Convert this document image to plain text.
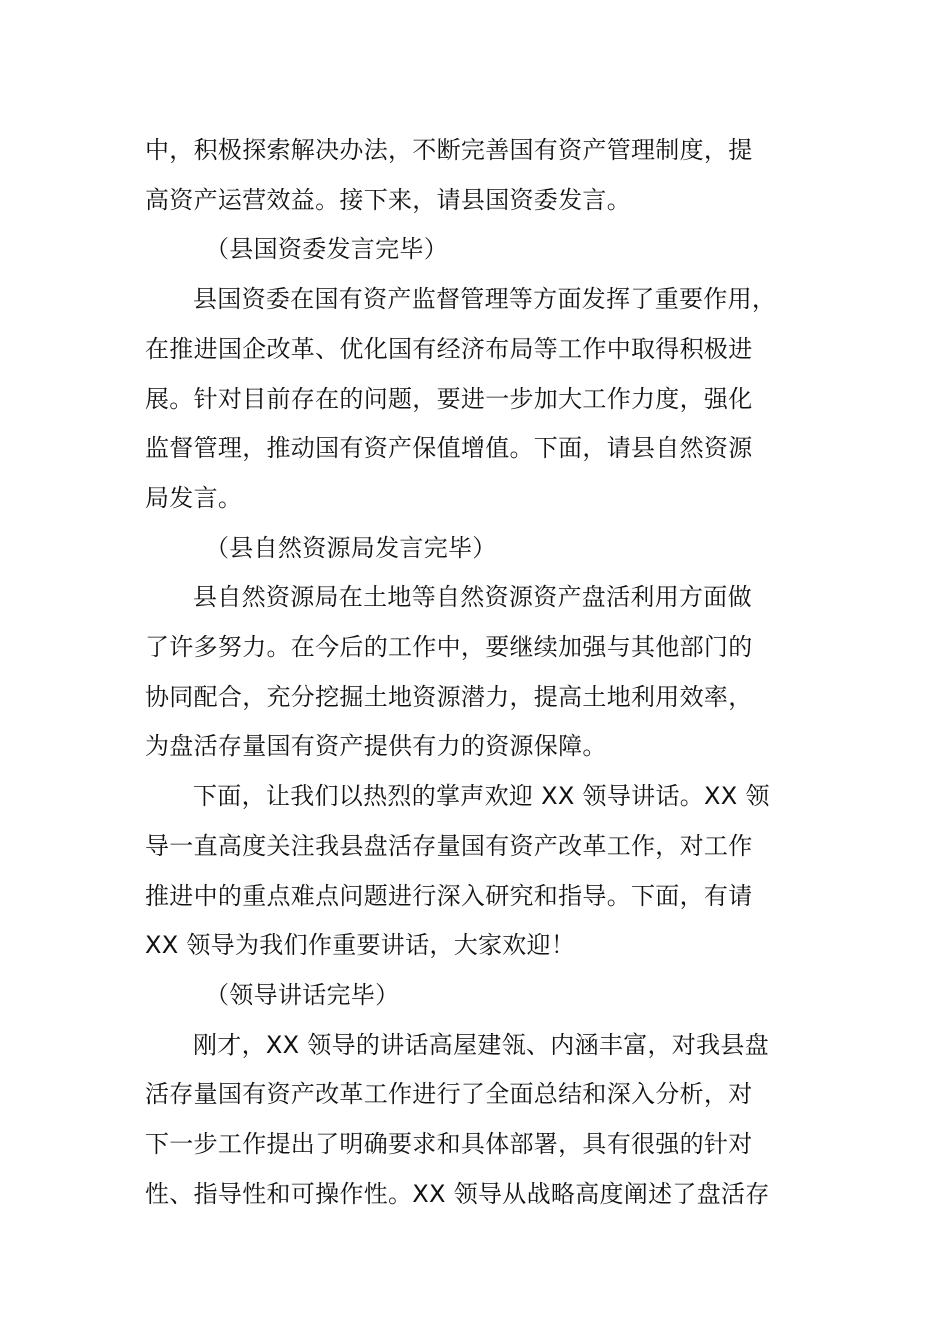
中，积极探索解决办法，不断完善国有资产管理制度，提

高资产运营效益。接下来，请县国资委发言。

（县国资委发言完毕）

县国资委在国有资产监督管理等方面发挥了重要作用，

在推进国企改革、优化国有经济布局等工作中取得积极进

展。针对目前存在的问题，要进一步加大工作力度，强化

监督管理，推动国有资产保值增值。下面，请县自然资源

局发言。

（县自然资源局发言完毕）

县自然资源局在土地等自然资源资产盘活利用方面做

了许多努力。在今后的工作中，要继续加强与其他部门的

协同配合，充分挖掘土地资源潜力，提高土地利用效率，

为盘活存量国有资产提供有力的资源保障。

下面，让我们以热烈的掌声欢迎 XX 领导讲话。XX 领

导一直高度关注我县盘活存量国有资产改革工作，对工作

推进中的重点难点问题进行深入研究和指导。下面，有请

XX 领导为我们作重要讲话，大家欢迎！

（领导讲话完毕）

刚才，XX 领导的讲话高屋建瓴、内涵丰富，对我县盘

活存量国有资产改革工作进行了全面总结和深入分析，对

下一步工作提出了明确要求和具体部署，具有很强的针对

性、指导性和可操作性。XX 领导从战略高度阐述了盘活存
